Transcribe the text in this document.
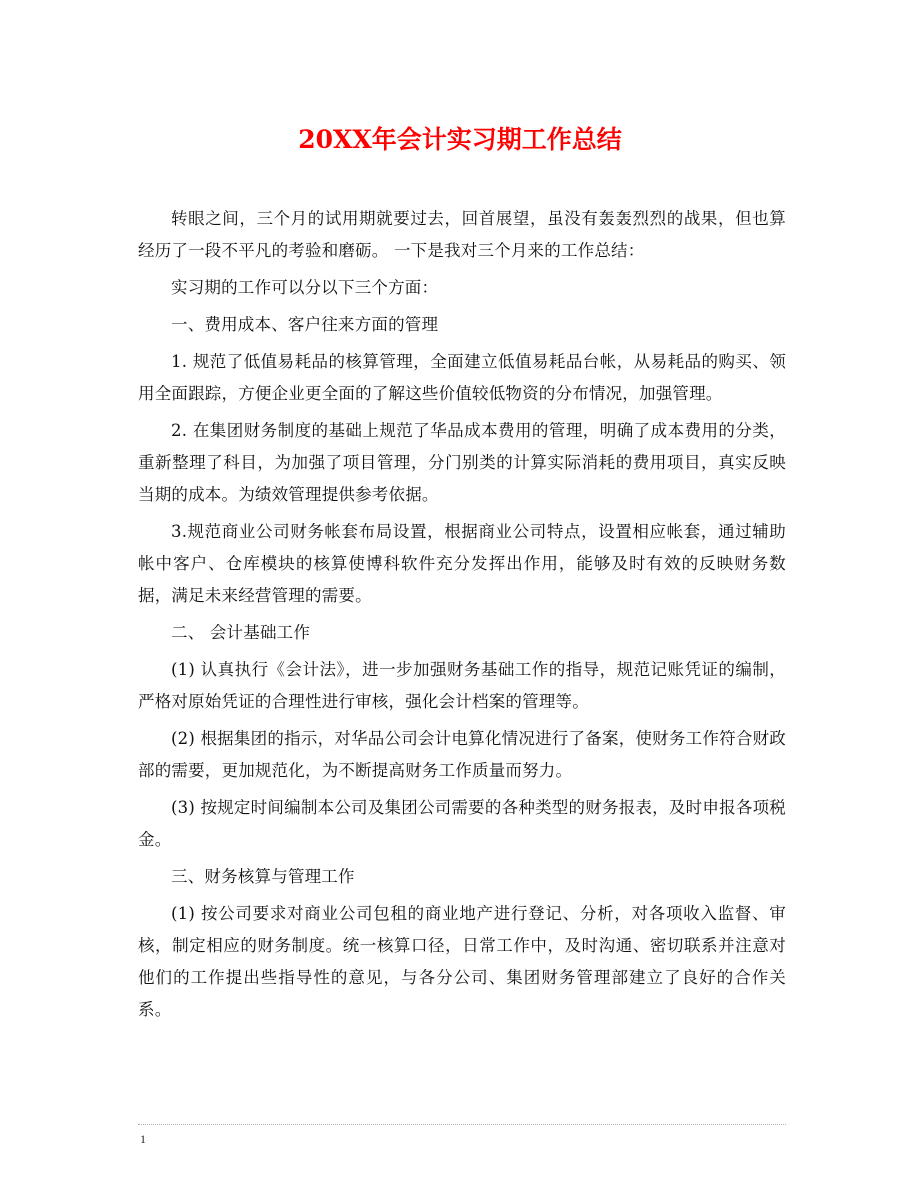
20XX年会计实习期工作总结

转眼之间，三个月的试用期就要过去，回首展望，虽没有轰轰烈烈的战果，但也算经历了一段不平凡的考验和磨砺。 一下是我对三个月来的工作总结：

实习期的工作可以分以下三个方面：

一、费用成本、客户往来方面的管理

1. 规范了低值易耗品的核算管理，全面建立低值易耗品台帐，从易耗品的购买、领用全面跟踪，方便企业更全面的了解这些价值较低物资的分布情况，加强管理。

2. 在集团财务制度的基础上规范了华品成本费用的管理，明确了成本费用的分类，重新整理了科目，为加强了项目管理，分门别类的计算实际消耗的费用项目，真实反映当期的成本。为绩效管理提供参考依据。

3.规范商业公司财务帐套布局设置，根据商业公司特点，设置相应帐套，通过辅助帐中客户、仓库模块的核算使博科软件充分发挥出作用，能够及时有效的反映财务数据，满足未来经营管理的需要。

二、 会计基础工作

(1) 认真执行《会计法》，进一步加强财务基础工作的指导，规范记账凭证的编制，严格对原始凭证的合理性进行审核，强化会计档案的管理等。

(2) 根据集团的指示，对华品公司会计电算化情况进行了备案，使财务工作符合财政部的需要，更加规范化，为不断提高财务工作质量而努力。

(3) 按规定时间编制本公司及集团公司需要的各种类型的财务报表，及时申报各项税金。

三、财务核算与管理工作

(1) 按公司要求对商业公司包租的商业地产进行登记、分析，对各项收入监督、审核，制定相应的财务制度。统一核算口径，日常工作中，及时沟通、密切联系并注意对他们的工作提出些指导性的意见，与各分公司、集团财务管理部建立了良好的合作关系。

1
